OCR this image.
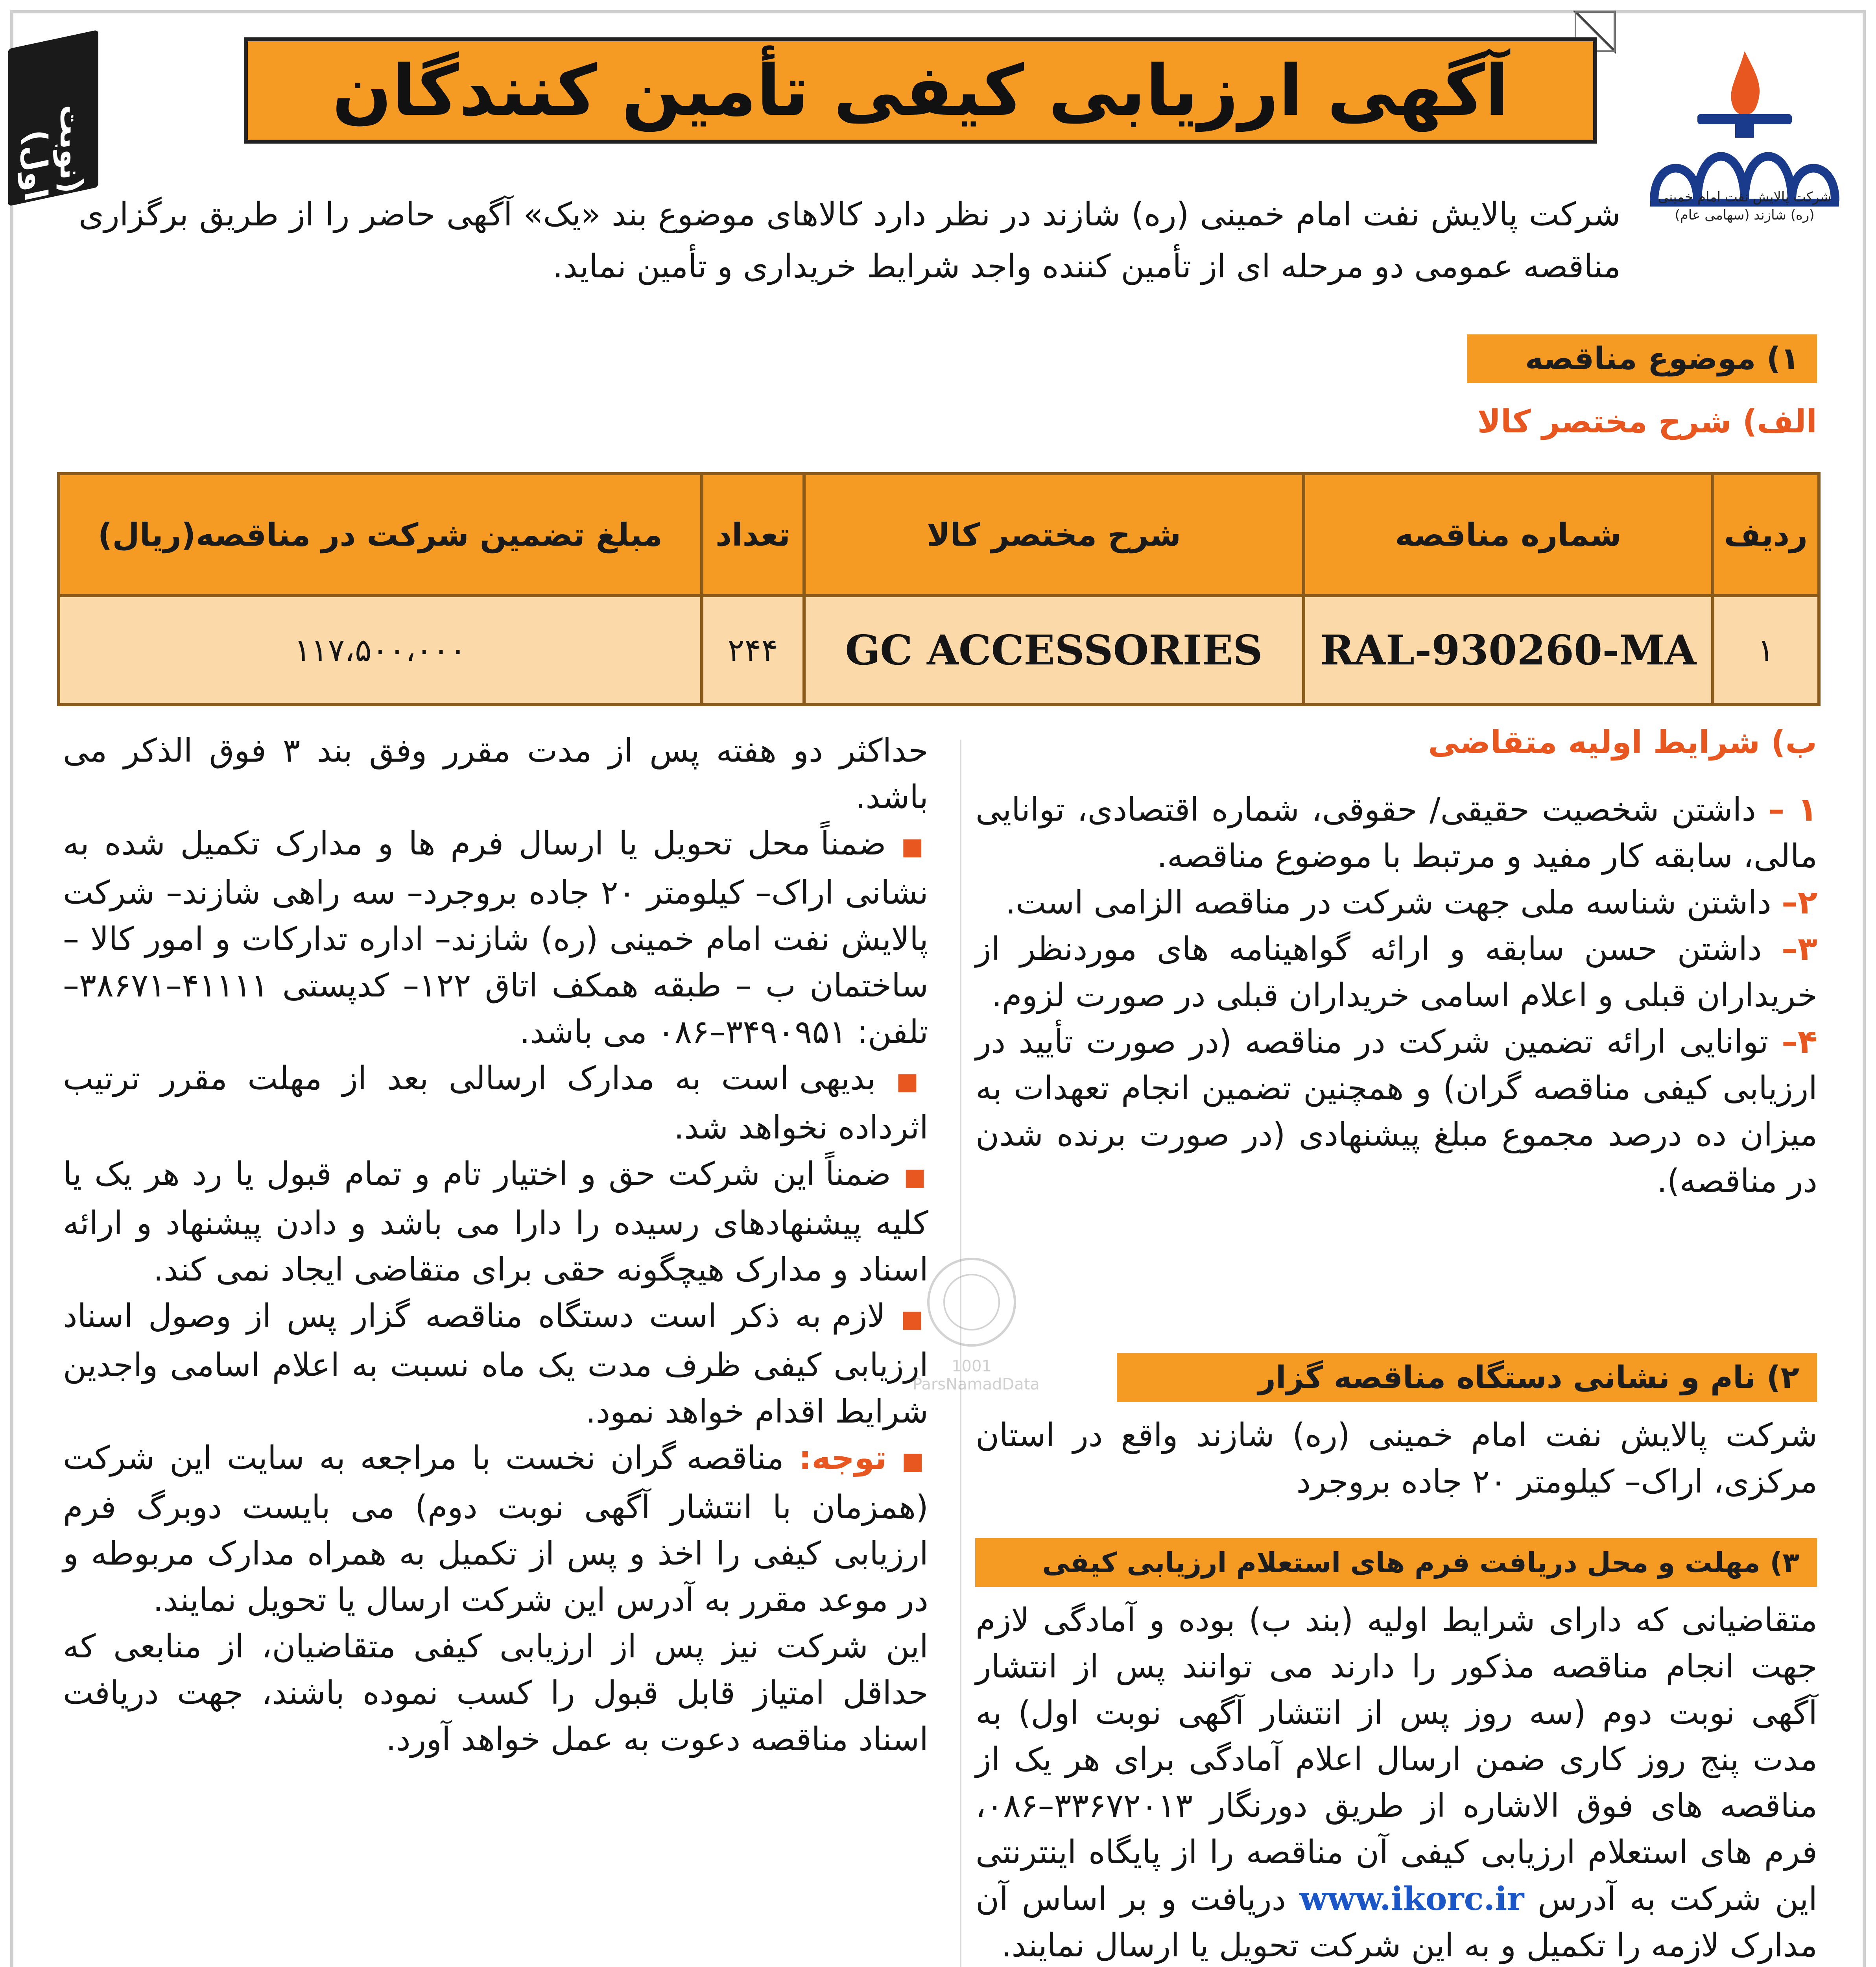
(نوبت اول)
آگهی ارزیابی کیفی تأمین کنندگان
شرکت پالایش نفت امام خمینی (ره) شازند (سهامی عام)
شرکت پالایش نفت امام خمینی (ره) شازند در نظر دارد کالاهای موضوع بند «یک» آگهی حاضر را از طریق برگزاری مناقصه عمومی دو مرحله ای از تأمین کننده واجد شرایط خریداری و تأمین نماید.
۱) موضوع مناقصه
الف) شرح مختصر کالا
ردیف	شماره مناقصه	شرح مختصر کالا	تعداد	مبلغ تضمین شرکت در مناقصه(ریال)
۱	RAL-930260-MA	GC ACCESSORIES	۲۴۴	۱۱۷،۵۰۰،۰۰۰
ب) شرایط اولیه متقاضی

۱ – داشتن شخصیت حقیقی/ حقوقی، شماره اقتصادی، توانایی مالی، سابقه کار مفید و مرتبط با موضوع مناقصه.

۲– داشتن شناسه ملی جهت شرکت در مناقصه الزامی است.

۳– داشتن حسن سابقه و ارائه گواهینامه های موردنظر از خریداران قبلی و اعلام اسامی خریداران قبلی در صورت لزوم.

۴– توانایی ارائه تضمین شرکت در مناقصه (در صورت تأیید در ارزیابی کیفی مناقصه گران) و همچنین تضمین انجام تعهدات به میزان ده درصد مجموع مبلغ پیشنهادی (در صورت برنده شدن در مناقصه).

۲) نام و نشانی دستگاه مناقصه گزار
شرکت پالایش نفت امام خمینی (ره) شازند واقع در استان مرکزی، اراک– کیلومتر ۲۰ جاده بروجرد
۳) مهلت و محل دریافت فرم های استعلام ارزیابی کیفی
متقاضیانی که دارای شرایط اولیه (بند ب) بوده و آمادگی لازم جهت انجام مناقصه مذکور را دارند می توانند پس از انتشار آگهی نوبت دوم (سه روز پس از انتشار آگهی نوبت اول) به مدت پنج روز کاری ضمن ارسال اعلام آمادگی برای هر یک از مناقصه های فوق الاشاره از طریق دورنگار ۳۳۶۷۲۰۱۳–۰۸۶، فرم های استعلام ارزیابی کیفی آن مناقصه را از پایگاه اینترنتی این شرکت به آدرس www.ikorc.ir دریافت و بر اساس آن مدارک لازمه را تکمیل و به این شرکت تحویل یا ارسال نمایند.

حداکثر دو هفته پس از مدت مقرر وفق بند ۳ فوق الذکر می باشد.

■ ضمناً محل تحویل یا ارسال فرم ها و مدارک تکمیل شده به نشانی اراک– کیلومتر ۲۰ جاده بروجرد– سه راهی شازند– شرکت پالایش نفت امام خمینی (ره) شازند– اداره تدارکات و امور کالا – ساختمان ب – طبقه همکف اتاق ۱۲۲– کدپستی ۴۱۱۱۱–۳۸۶۷۱– تلفن: ۳۴۹۰۹۵۱–۰۸۶ می باشد.

■ بدیهی است به مدارک ارسالی بعد از مهلت مقرر ترتیب اثرداده نخواهد شد.

■ ضمناً این شرکت حق و اختیار تام و تمام قبول یا رد هر یک یا کلیه پیشنهادهای رسیده را دارا می باشد و دادن پیشنهاد و ارائه اسناد و مدارک هیچگونه حقی برای متقاضی ایجاد نمی کند.

■ لازم به ذکر است دستگاه مناقصه گزار پس از وصول اسناد ارزیابی کیفی ظرف مدت یک ماه نسبت به اعلام اسامی واجدین شرایط اقدام خواهد نمود.

■ توجه: مناقصه گران نخست با مراجعه به سایت این شرکت (همزمان با انتشار آگهی نوبت دوم) می بایست دوبرگ فرم ارزیابی کیفی را اخذ و پس از تکمیل به همراه مدارک مربوطه و در موعد مقرر به آدرس این شرکت ارسال یا تحویل نمایند.

این شرکت نیز پس از ارزیابی کیفی متقاضیان، از منابعی که حداقل امتیاز قابل قبول را کسب نموده باشند، جهت دریافت اسناد مناقصه دعوت به عمل خواهد آورد.

1001
ParsNamadData
